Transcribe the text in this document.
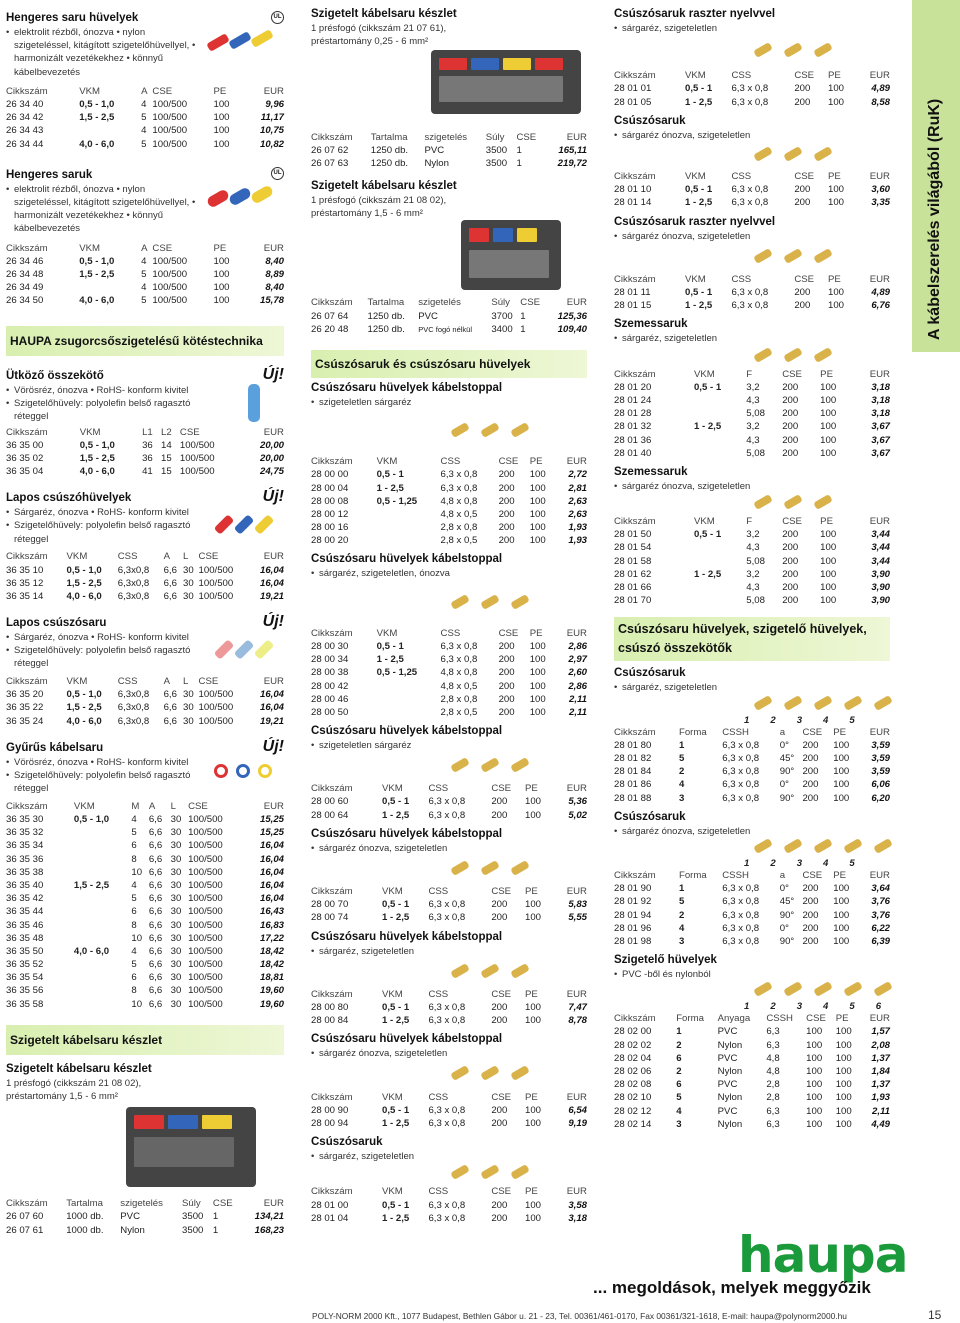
Hengeres saru hüvelyek	UL
• elektrolit rézből, ónozva • nylon szigeteléssel, kitágított szigetelőhüvellyel, • harmonizált vezetékekhez • könnyű kábelbevezetés
Cikkszám	VKM	A	CSE	PE	EUR
26 34 40	0,5 - 1,0	4	100/500	100	9,96
26 34 42	1,5 - 2,5	5	100/500	100	11,17
26 34 43		4	100/500	100	10,75
26 34 44	4,0 - 6,0	5	100/500	100	10,82
Hengeres saruk	UL
• elektrolit rézből, ónozva • nylon szigeteléssel, kitágított szigetelőhüvellyel, • harmonizált vezetékekhez • könnyű kábelbevezetés
Cikkszám	VKM	A	CSE	PE	EUR
26 34 46	0,5 - 1,0	4	100/500	100	8,40
26 34 48	1,5 - 2,5	5	100/500	100	8,89
26 34 49		4	100/500	100	8,40
26 34 50	4,0 - 6,0	5	100/500	100	15,78
HAUPA zsugorcsőszigetelésű kötéstechnika
Ütköző összekötő	Új!
• Vörösréz, ónozva • RoHS- konform kivitel
• Szigetelőhüvely: polyolefin belső ragasztó réteggel
Cikkszám	VKM	L1	L2	CSE	EUR
36 35 00	0,5 - 1,0	36	14	100/500	20,00
36 35 02	1,5 - 2,5	36	15	100/500	20,00
36 35 04	4,0 - 6,0	41	15	100/500	24,75
Lapos csúszóhüvelyek	Új!
• Sárgaréz, ónozva • RoHS- konform kivitel
• Szigetelőhüvely: polyolefin belső ragasztó réteggel
Cikkszám	VKM	CSS	A	L	CSE	EUR
36 35 10	0,5 - 1,0	6,3x0,8	6,6	30	100/500	16,04
36 35 12	1,5 - 2,5	6,3x0,8	6,6	30	100/500	16,04
36 35 14	4,0 - 6,0	6,3x0,8	6,6	30	100/500	19,21
Lapos csúszósaru	Új!
• Sárgaréz, ónozva • RoHS- konform kivitel
• Szigetelőhüvely: polyolefin belső ragasztó réteggel
Cikkszám	VKM	CSS	A	L	CSE	EUR
36 35 20	0,5 - 1,0	6,3x0,8	6,6	30	100/500	16,04
36 35 22	1,5 - 2,5	6,3x0,8	6,6	30	100/500	16,04
36 35 24	4,0 - 6,0	6,3x0,8	6,6	30	100/500	19,21
Gyűrűs kábelsaru	Új!
• Vörösréz, ónozva • RoHS- konform kivitel
• Szigetelőhüvely: polyolefin belső ragasztó réteggel
Cikkszám	VKM	M	A	L	CSE	EUR
36 35 30	0,5 - 1,0	4	6,6	30	100/500	15,25
36 35 32		5	6,6	30	100/500	15,25
36 35 34		6	6,6	30	100/500	16,04
36 35 36		8	6,6	30	100/500	16,04
36 35 38		10	6,6	30	100/500	16,04
36 35 40	1,5 - 2,5	4	6,6	30	100/500	16,04
36 35 42		5	6,6	30	100/500	16,04
36 35 44		6	6,6	30	100/500	16,43
36 35 46		8	6,6	30	100/500	16,83
36 35 48		10	6,6	30	100/500	17,22
36 35 50	4,0 - 6,0	4	6,6	30	100/500	18,42
36 35 52		5	6,6	30	100/500	18,42
36 35 54		6	6,6	30	100/500	18,81
36 35 56		8	6,6	30	100/500	19,60
36 35 58		10	6,6	30	100/500	19,60
Szigetelt kábelsaru készlet
Szigetelt kábelsaru készlet
1 présfogó (cikkszám 21 08 02), préstartomány 1,5 - 6 mm²
Cikkszám	Tartalma	szigetelés	Súly	CSE	EUR
26 07 60	1000 db.	PVC	3500	1	134,21
26 07 61	1000 db.	Nylon	3500	1	168,23
Szigetelt kábelsaru készlet
1 présfogó (cikkszám 21 07 61), préstartomány 0,25 - 6 mm²
Cikkszám	Tartalma	szigetelés	Súly	CSE	EUR
26 07 62	1250 db.	PVC	3500	1	165,11
26 07 63	1250 db.	Nylon	3500	1	219,72
Szigetelt kábelsaru készlet
1 présfogó (cikkszám 21 08 02), préstartomány 1,5 - 6 mm²
Cikkszám	Tartalma	szigetelés	Súly	CSE	EUR
26 07 64	1250 db.	PVC	3700	1	125,36
26 20 48	1250 db.	PVC fogó nélkül	3400	1	109,40
Csúszósaruk és csúszósaru hüvelyek
Csúszósaru hüvelyek kábelstoppal
• szigeteletlen sárgaréz
Cikkszám	VKM	CSS	CSE	PE	EUR
28 00 00	0,5 - 1	6,3 x 0,8	200	100	2,72
28 00 04	1 - 2,5	6,3 x 0,8	200	100	2,81
28 00 08	0,5 - 1,25	4,8 x 0,8	200	100	2,63
28 00 12		4,8 x 0,5	200	100	2,63
28 00 16		2,8 x 0,8	200	100	1,93
28 00 20		2,8 x 0,5	200	100	1,93
Csúszósaru hüvelyek kábelstoppal
• sárgaréz, szigeteletlen, ónozva
Cikkszám	VKM	CSS	CSE	PE	EUR
28 00 30	0,5 - 1	6,3 x 0,8	200	100	2,86
28 00 34	1 - 2,5	6,3 x 0,8	200	100	2,97
28 00 38	0,5 - 1,25	4,8 x 0,8	200	100	2,60
28 00 42		4,8 x 0,5	200	100	2,86
28 00 46		2,8 x 0,8	200	100	2,11
28 00 50		2,8 x 0,5	200	100	2,11
Csúszósaru hüvelyek kábelstoppal
• szigeteletlen sárgaréz
Cikkszám	VKM	CSS	CSE	PE	EUR
28 00 60	0,5 - 1	6,3 x 0,8	200	100	5,36
28 00 64	1 - 2,5	6,3 x 0,8	200	100	5,02
Csúszósaru hüvelyek kábelstoppal
• sárgaréz ónozva, szigeteletlen
Cikkszám	VKM	CSS	CSE	PE	EUR
28 00 70	0,5 - 1	6,3 x 0,8	200	100	5,83
28 00 74	1 - 2,5	6,3 x 0,8	200	100	5,55
Csúszósaru hüvelyek kábelstoppal
• sárgaréz, szigeteletlen
Cikkszám	VKM	CSS	CSE	PE	EUR
28 00 80	0,5 - 1	6,3 x 0,8	200	100	7,47
28 00 84	1 - 2,5	6,3 x 0,8	200	100	8,78
Csúszósaru hüvelyek kábelstoppal
• sárgaréz ónozva, szigeteletlen
Cikkszám	VKM	CSS	CSE	PE	EUR
28 00 90	0,5 - 1	6,3 x 0,8	200	100	6,54
28 00 94	1 - 2,5	6,3 x 0,8	200	100	9,19
Csúszósaruk
• sárgaréz, szigeteletlen
Cikkszám	VKM	CSS	CSE	PE	EUR
28 01 00	0,5 - 1	6,3 x 0,8	200	100	3,58
28 01 04	1 - 2,5	6,3 x 0,8	200	100	3,18
Csúszósaruk raszter nyelvvel
• sárgaréz, szigeteletlen
Cikkszám	VKM	CSS	CSE	PE	EUR
28 01 01	0,5 - 1	6,3 x 0,8	200	100	4,89
28 01 05	1 - 2,5	6,3 x 0,8	200	100	8,58
Csúszósaruk
• sárgaréz ónozva, szigeteletlen
Cikkszám	VKM	CSS	CSE	PE	EUR
28 01 10	0,5 - 1	6,3 x 0,8	200	100	3,60
28 01 14	1 - 2,5	6,3 x 0,8	200	100	3,35
Csúszósaruk raszter nyelvvel
• sárgaréz ónozva, szigeteletlen
Cikkszám	VKM	CSS	CSE	PE	EUR
28 01 11	0,5 - 1	6,3 x 0,8	200	100	4,89
28 01 15	1 - 2,5	6,3 x 0,8	200	100	6,76
Szemessaruk
• sárgaréz, szigeteletlen
Cikkszám	VKM	F	CSE	PE	EUR
28 01 20	0,5 - 1	3,2	200	100	3,18
28 01 24		4,3	200	100	3,18
28 01 28		5,08	200	100	3,18
28 01 32	1 - 2,5	3,2	200	100	3,67
28 01 36		4,3	200	100	3,67
28 01 40		5,08	200	100	3,67
Szemessaruk
• sárgaréz ónozva, szigeteletlen
Cikkszám	VKM	F	CSE	PE	EUR
28 01 50	0,5 - 1	3,2	200	100	3,44
28 01 54		4,3	200	100	3,44
28 01 58		5,08	200	100	3,44
28 01 62	1 - 2,5	3,2	200	100	3,90
28 01 66		4,3	200	100	3,90
28 01 70		5,08	200	100	3,90
Csúszósaru hüvelyek, szigetelő hüvelyek, csúszó összekötők
Csúszósaruk
• sárgaréz, szigeteletlen
1 2 3 4 5
Cikkszám	Forma	CSSH	a	CSE	PE	EUR
28 01 80	1	6,3 x 0,8	0°	200	100	3,59
28 01 82	5	6,3 x 0,8	45°	200	100	3,59
28 01 84	2	6,3 x 0,8	90°	200	100	3,59
28 01 86	4	6,3 x 0,8	0°	200	100	6,06
28 01 88	3	6,3 x 0,8	90°	200	100	6,20
Csúszósaruk
• sárgaréz ónozva, szigeteletlen
1 2 3 4 5
Cikkszám	Forma	CSSH	a	CSE	PE	EUR
28 01 90	1	6,3 x 0,8	0°	200	100	3,64
28 01 92	5	6,3 x 0,8	45°	200	100	3,76
28 01 94	2	6,3 x 0,8	90°	200	100	3,76
28 01 96	4	6,3 x 0,8	0°	200	100	6,22
28 01 98	3	6,3 x 0,8	90°	200	100	6,39
Szigetelő hüvelyek
• PVC -ből és nylonból
1 2 3 4 5 6
Cikkszám	Forma	Anyaga	CSSH	CSE	PE	EUR
28 02 00	1	PVC	6,3	100	100	1,57
28 02 02	2	Nylon	6,3	100	100	2,08
28 02 04	6	PVC	4,8	100	100	1,37
28 02 06	2	Nylon	4,8	100	100	1,84
28 02 08	6	PVC	2,8	100	100	1,37
28 02 10	5	Nylon	2,8	100	100	1,93
28 02 12	4	PVC	6,3	100	100	2,11
28 02 14	3	Nylon	6,3	100	100	4,49
A kábelszerelés világából (RuK)
haupa
... megoldások, melyek meggyőzik
POLY-NORM 2000 Kft., 1077 Budapest, Bethlen Gábor u. 21 - 23, Tel. 00361/461-0170, Fax 00361/321-1618, E-mail: haupa@polynorm2000.hu	15
